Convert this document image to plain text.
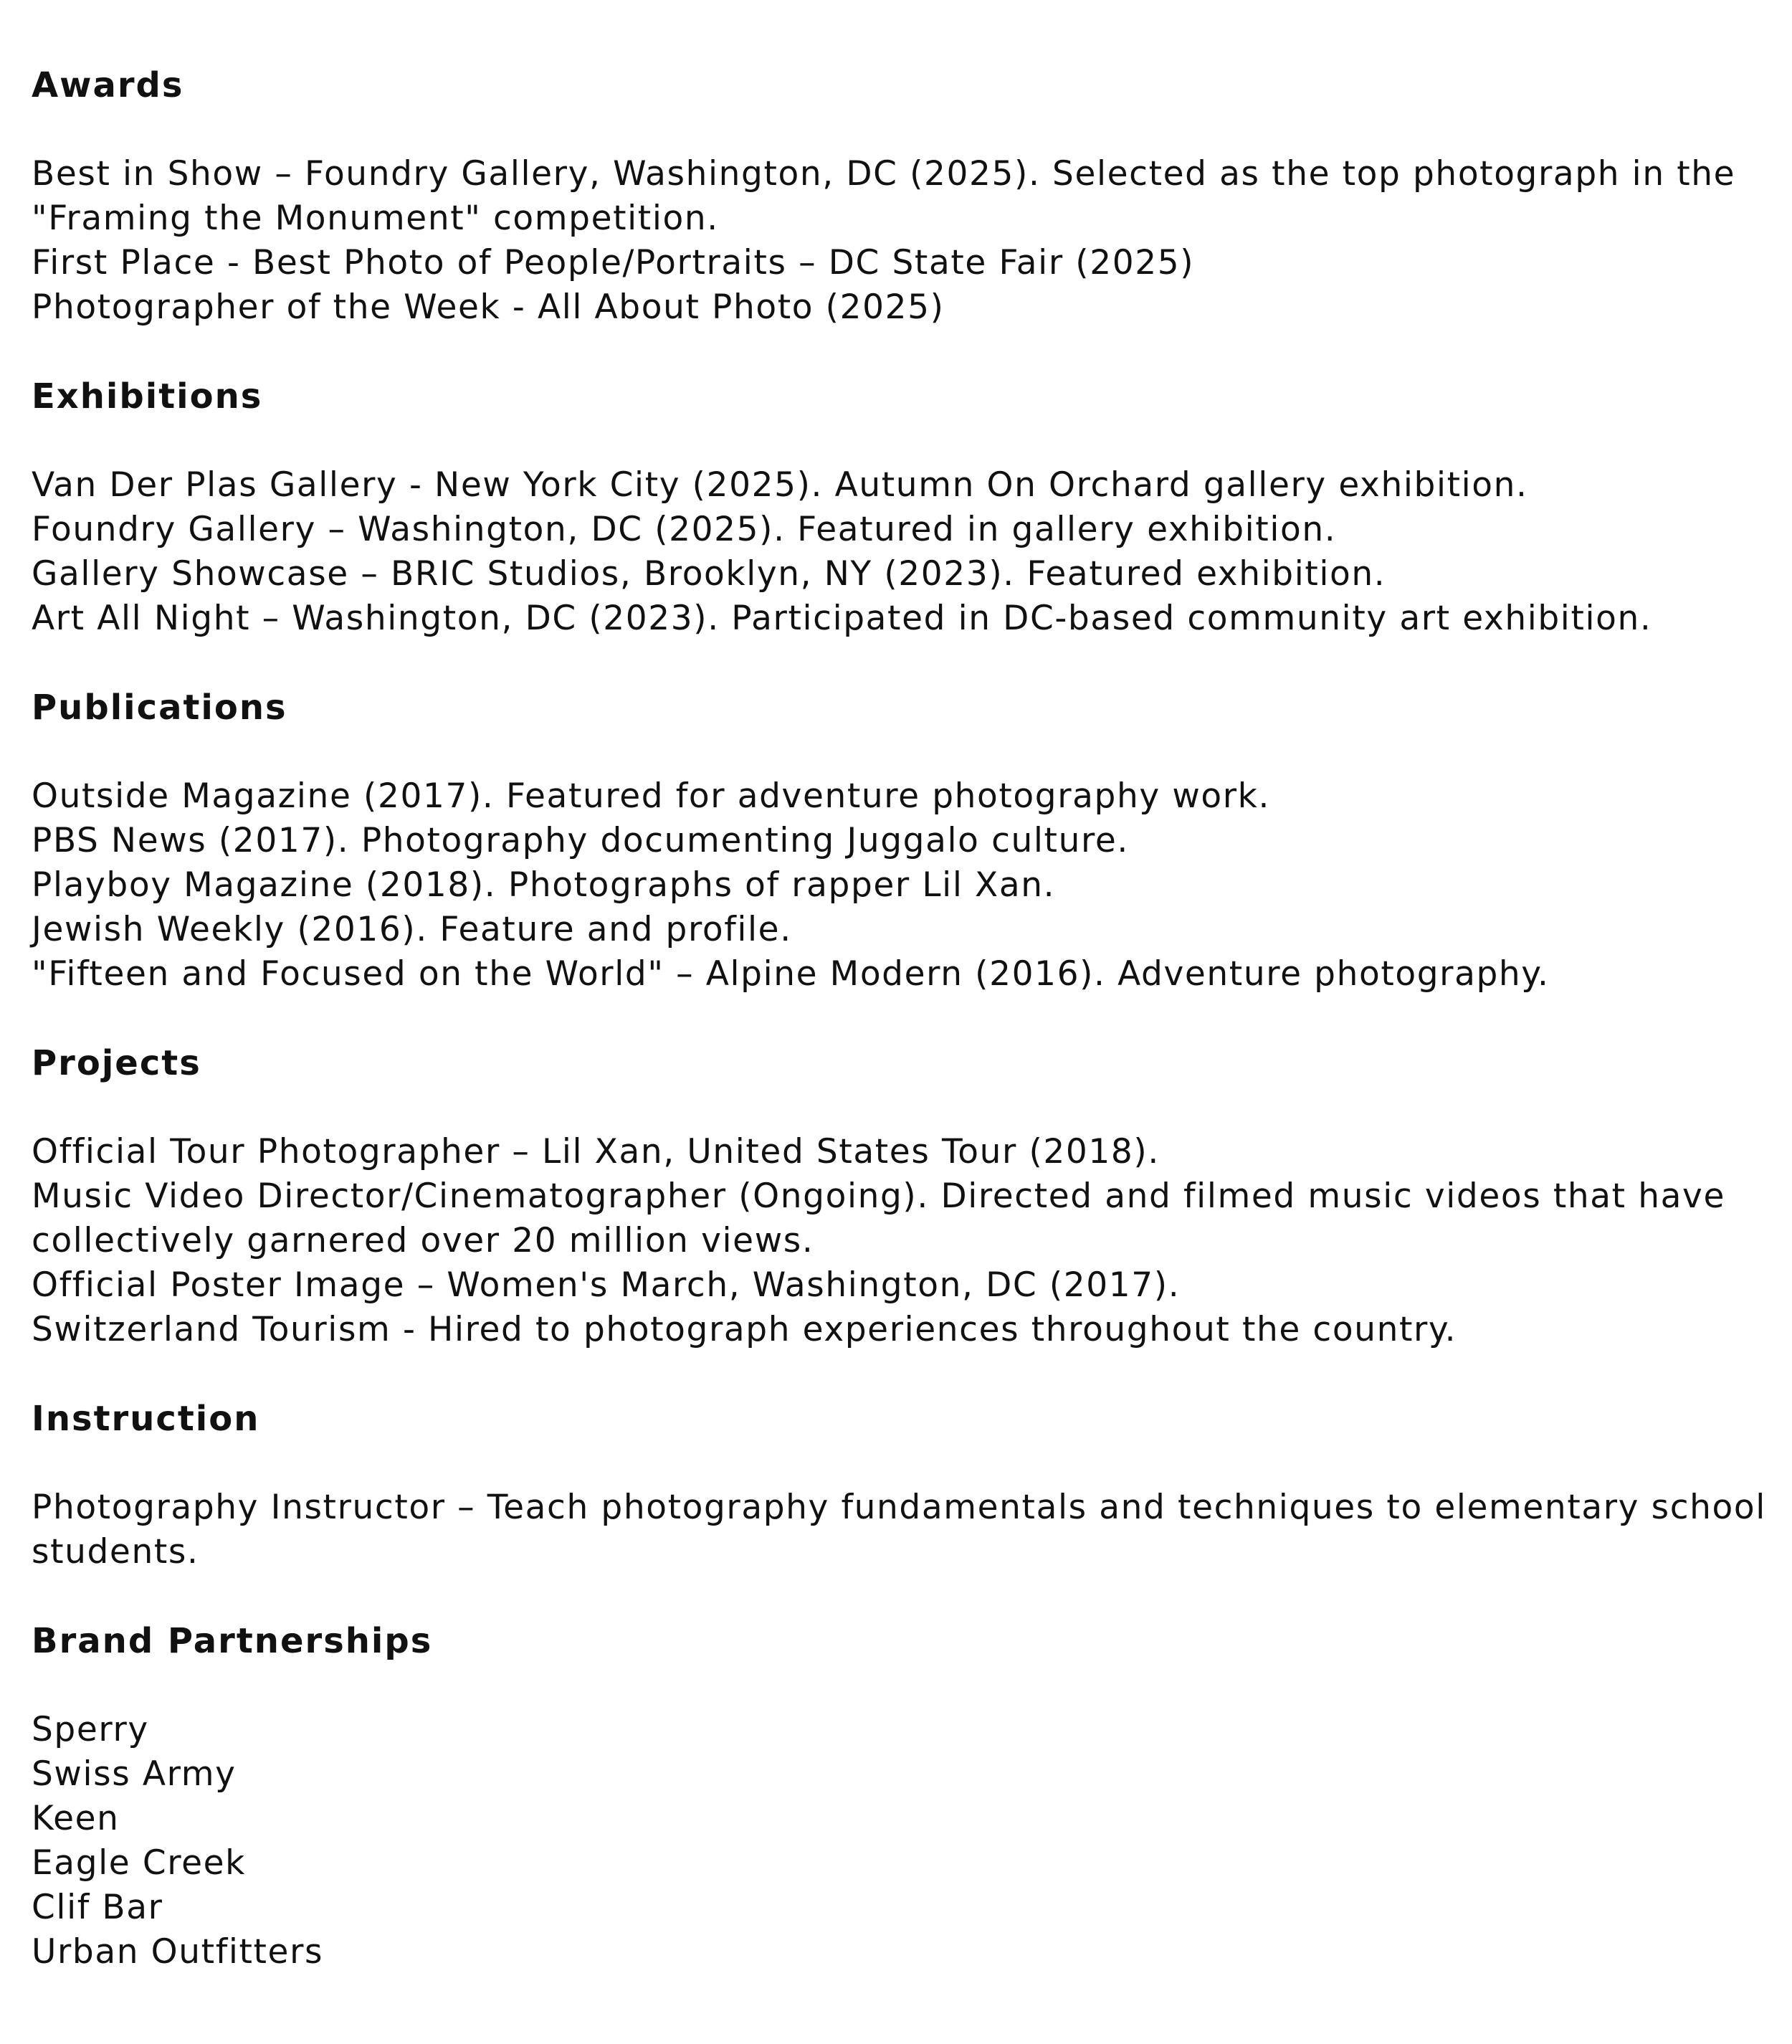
Awards

Best in Show – Foundry Gallery, Washington, DC (2025). Selected as the top photograph in the "Framing the Monument" competition.

First Place - Best Photo of People/Portraits – DC State Fair (2025)

Photographer of the Week - All About Photo (2025)

Exhibitions

Van Der Plas Gallery - New York City (2025). Autumn On Orchard gallery exhibition.

Foundry Gallery – Washington, DC (2025). Featured in gallery exhibition.

Gallery Showcase – BRIC Studios, Brooklyn, NY (2023). Featured exhibition.

Art All Night – Washington, DC (2023). Participated in DC-based community art exhibition.

Publications

Outside Magazine (2017). Featured for adventure photography work.

PBS News (2017). Photography documenting Juggalo culture.

Playboy Magazine (2018). Photographs of rapper Lil Xan.

Jewish Weekly (2016). Feature and profile.

"Fifteen and Focused on the World" – Alpine Modern (2016). Adventure photography.

Projects

Official Tour Photographer – Lil Xan, United States Tour (2018).

Music Video Director/Cinematographer (Ongoing). Directed and filmed music videos that have collectively garnered over 20 million views.

Official Poster Image – Women's March, Washington, DC (2017).

Switzerland Tourism - Hired to photograph experiences throughout the country.

Instruction

Photography Instructor – Teach photography fundamentals and techniques to elementary school students.

Brand Partnerships

Sperry

Swiss Army

Keen

Eagle Creek

Clif Bar

Urban Outfitters
